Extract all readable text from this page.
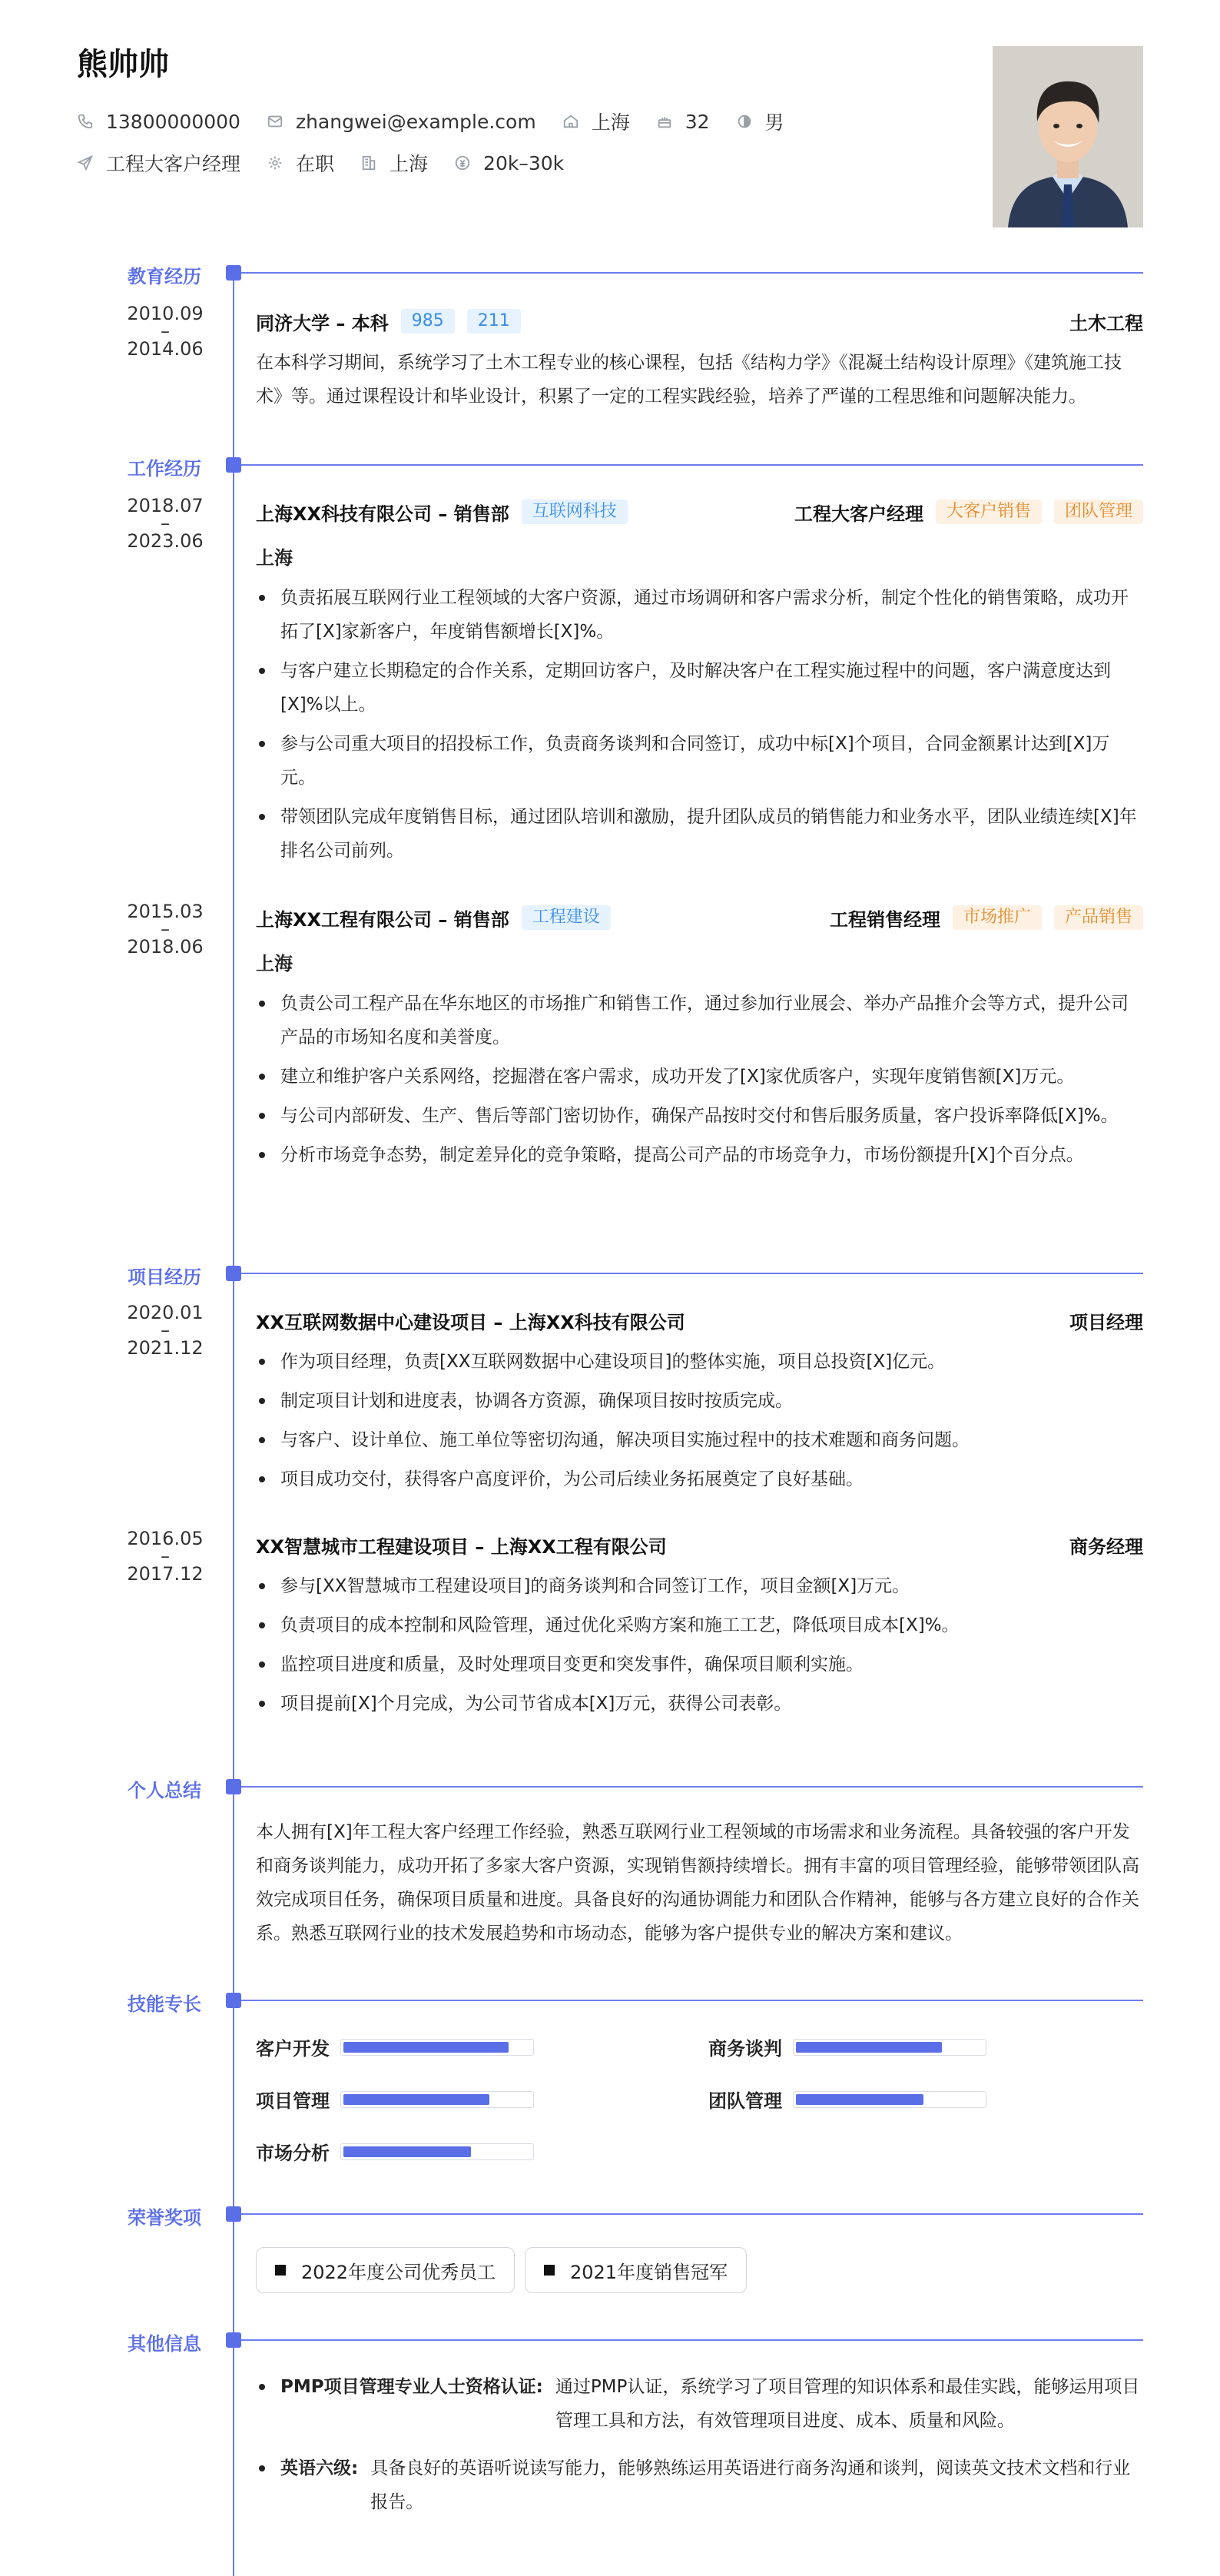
熊帅帅
13800000000	zhangwei@example.com	上海	32	男
工程大客户经理	在职	上海	20k–30k
教育经历
2010.09
–
2014.06
同济大学 – 本科	985	211	土木工程
在本科学习期间，系统学习了土木工程专业的核心课程，包括《结构力学》《混凝土结构设计原理》《建筑施工技术》等。通过课程设计和毕业设计，积累了一定的工程实践经验，培养了严谨的工程思维和问题解决能力。
工作经历
2018.07
–
2023.06
上海XX科技有限公司 – 销售部	互联网科技	工程大客户经理	大客户销售	团队管理
上海
负责拓展互联网行业工程领域的大客户资源，通过市场调研和客户需求分析，制定个性化的销售策略，成功开拓了[X]家新客户，年度销售额增长[X]%。
与客户建立长期稳定的合作关系，定期回访客户，及时解决客户在工程实施过程中的问题，客户满意度达到[X]%以上。
参与公司重大项目的招投标工作，负责商务谈判和合同签订，成功中标[X]个项目，合同金额累计达到[X]万元。
带领团队完成年度销售目标，通过团队培训和激励，提升团队成员的销售能力和业务水平，团队业绩连续[X]年排名公司前列。
2015.03
–
2018.06
上海XX工程有限公司 – 销售部	工程建设	工程销售经理	市场推广	产品销售
上海
负责公司工程产品在华东地区的市场推广和销售工作，通过参加行业展会、举办产品推介会等方式，提升公司产品的市场知名度和美誉度。
建立和维护客户关系网络，挖掘潜在客户需求，成功开发了[X]家优质客户，实现年度销售额[X]万元。
与公司内部研发、生产、售后等部门密切协作，确保产品按时交付和售后服务质量，客户投诉率降低[X]%。
分析市场竞争态势，制定差异化的竞争策略，提高公司产品的市场竞争力，市场份额提升[X]个百分点。
项目经历
2020.01
–
2021.12
XX互联网数据中心建设项目 – 上海XX科技有限公司	项目经理
作为项目经理，负责[XX互联网数据中心建设项目]的整体实施，项目总投资[X]亿元。
制定项目计划和进度表，协调各方资源，确保项目按时按质完成。
与客户、设计单位、施工单位等密切沟通，解决项目实施过程中的技术难题和商务问题。
项目成功交付，获得客户高度评价，为公司后续业务拓展奠定了良好基础。
2016.05
–
2017.12
XX智慧城市工程建设项目 – 上海XX工程有限公司	商务经理
参与[XX智慧城市工程建设项目]的商务谈判和合同签订工作，项目金额[X]万元。
负责项目的成本控制和风险管理，通过优化采购方案和施工工艺，降低项目成本[X]%。
监控项目进度和质量，及时处理项目变更和突发事件，确保项目顺利实施。
项目提前[X]个月完成，为公司节省成本[X]万元，获得公司表彰。
个人总结
本人拥有[X]年工程大客户经理工作经验，熟悉互联网行业工程领域的市场需求和业务流程。具备较强的客户开发和商务谈判能力，成功开拓了多家大客户资源，实现销售额持续增长。拥有丰富的项目管理经验，能够带领团队高效完成项目任务，确保项目质量和进度。具备良好的沟通协调能力和团队合作精神，能够与各方建立良好的合作关系。熟悉互联网行业的技术发展趋势和市场动态，能够为客户提供专业的解决方案和建议。
技能专长
客户开发	商务谈判
项目管理	团队管理
市场分析
荣誉奖项
2022年度公司优秀员工	2021年度销售冠军
其他信息
PMP项目管理专业人士资格认证: 通过PMP认证，系统学习了项目管理的知识体系和最佳实践，能够运用项目管理工具和方法，有效管理项目进度、成本、质量和风险。
英语六级: 具备良好的英语听说读写能力，能够熟练运用英语进行商务沟通和谈判，阅读英文技术文档和行业报告。
